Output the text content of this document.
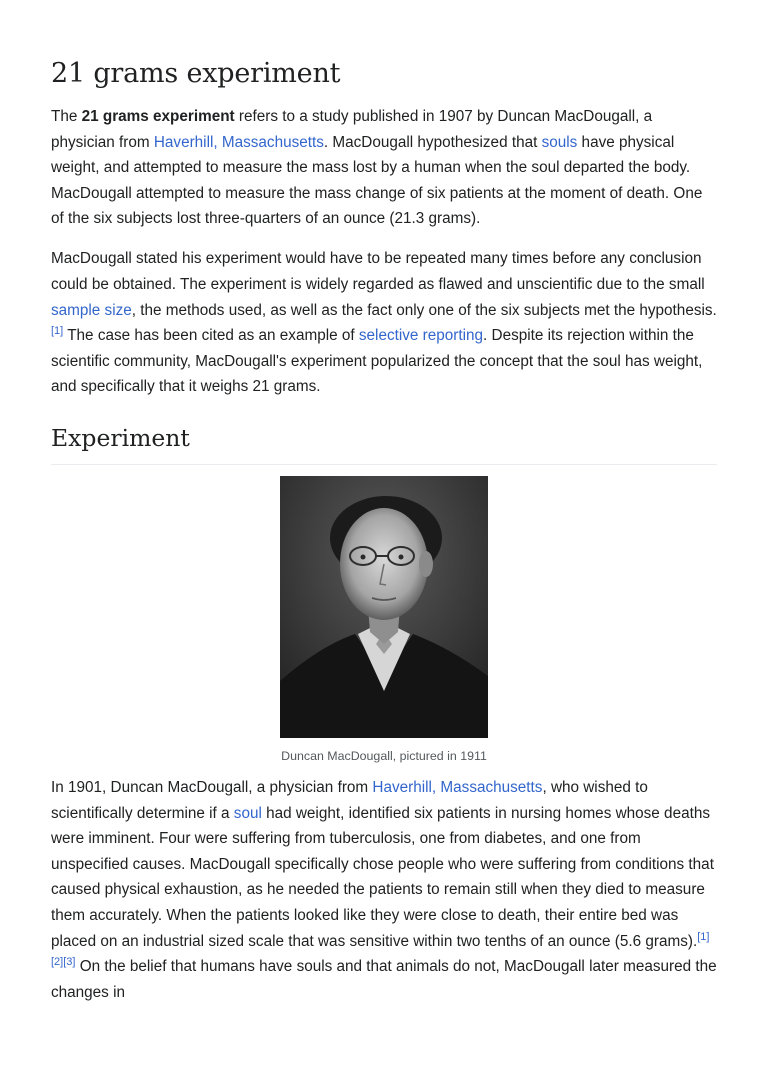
21 grams experiment

The 21 grams experiment refers to a study published in 1907 by Duncan MacDougall, a physician from Haverhill, Massachusetts. MacDougall hypothesized that souls have physical weight, and attempted to measure the mass lost by a human when the soul departed the body. MacDougall attempted to measure the mass change of six patients at the moment of death. One of the six subjects lost three-quarters of an ounce (21.3 grams).

MacDougall stated his experiment would have to be repeated many times before any conclusion could be obtained. The experiment is widely regarded as flawed and unscientific due to the small sample size, the methods used, as well as the fact only one of the six subjects met the hypothesis.[1] The case has been cited as an example of selective reporting. Despite its rejection within the scientific community, MacDougall's experiment popularized the concept that the soul has weight, and specifically that it weighs 21 grams.

Experiment
Duncan MacDougall, pictured in 1911

In 1901, Duncan MacDougall, a physician from Haverhill, Massachusetts, who wished to scientifically determine if a soul had weight, identified six patients in nursing homes whose deaths were imminent. Four were suffering from tuberculosis, one from diabetes, and one from unspecified causes. MacDougall specifically chose people who were suffering from conditions that caused physical exhaustion, as he needed the patients to remain still when they died to measure them accurately. When the patients looked like they were close to death, their entire bed was placed on an industrial sized scale that was sensitive within two tenths of an ounce (5.6 grams).[1][2][3] On the belief that humans have souls and that animals do not, MacDougall later measured the changes in
